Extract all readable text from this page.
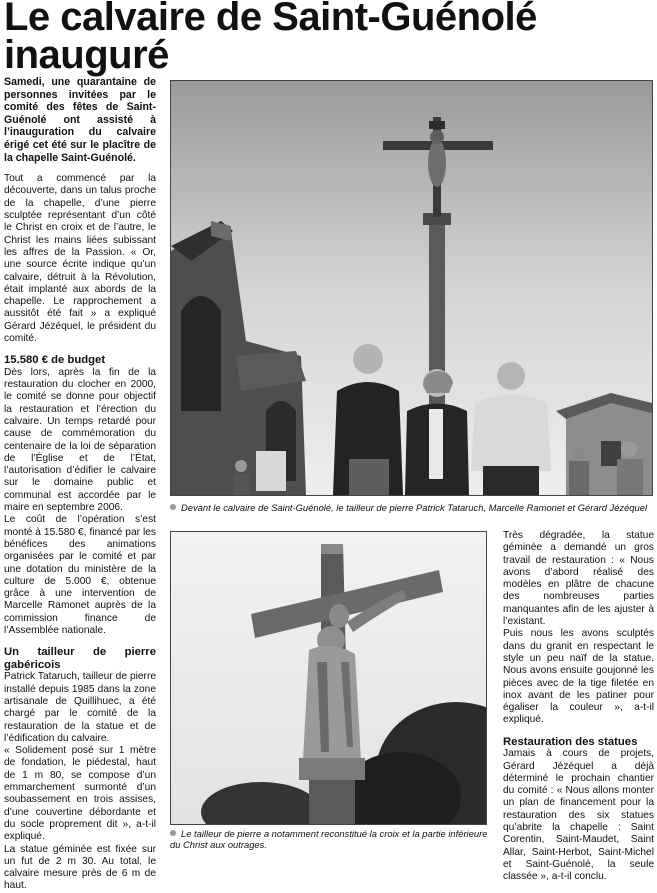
Le calvaire de Saint-Guénolé inauguré

Samedi, une quarantaine de personnes invitées par le comité des fêtes de Saint-Guénolé ont assisté à l’inauguration du calvaire érigé cet été sur le placître de la chapelle Saint-Guénolé.

Tout a commencé par la découverte, dans un talus proche de la chapelle, d’une pierre sculptée représentant d’un côté le Christ en croix et de l’autre, le Christ les mains liées subissant les affres de la Passion. « Or, une source écrite indique qu’un calvaire, détruit à la Révolution, était implanté aux abords de la chapelle. Le rapprochement a aussitôt été fait » a expliqué Gérard Jézéquel, le président du comité.

15.580 € de budget

Dès lors, après la fin de la restauration du clocher en 2000, le comité se donne pour objectif la restauration et l’érection du calvaire. Un temps retardé pour cause de commémoration du centenaire de la loi de séparation de l’Église et de l’État, l’autorisation d’édifier le calvaire sur le domaine public et communal est accordée par le maire en septembre 2006.

Le coût de l’opération s’est monté à 15.580 €, financé par les bénéfices des animations organisées par le comité et par une dotation du ministère de la culture de 5.000 €, obtenue grâce à une intervention de Marcelle Ramonet auprès de la commission finance de l’Assemblée nationale.

Un tailleur de pierre gabéricois

Patrick Tataruch, tailleur de pierre installé depuis 1985 dans la zone artisanale de Quillihuec, a été chargé par le comité de la restauration de la statue et de l’édification du calvaire.

« Solidement posé sur 1 mètre de fondation, le piédestal, haut de 1 m 80, se compose d’un emmarchement surmonté d’un soubassement en trois assises, d’une couvertine débordante et du socle proprement dit », a-t-il expliqué.

La statue géminée est fixée sur un fut de 2 m 30. Au total, le calvaire mesure près de 6 m de haut.

Devant le calvaire de Saint-Guénolé, le tailleur de pierre Patrick Tataruch, Marcelle Ramonet et Gérard Jézéquel
Le tailleur de pierre a notamment reconstitué la croix et la partie inférieure du Christ aux outrages.

Très dégradée, la statue géminée a demandé un gros travail de restauration : « Nous avons d’abord réalisé des modèles en plâtre de chacune des nombreuses parties manquantes afin de les ajuster à l’existant.

Puis nous les avons sculptés dans du granit en respectant le style un peu naïf de la statue. Nous avons ensuite goujonné les pièces avec de la tige filetée en inox avant de les patiner pour égaliser la couleur », a-t-il expliqué.

Restauration des statues

Jamais à cours de projets, Gérard Jézéquel a déjà déterminé le prochain chantier du comité : « Nous allons monter un plan de financement pour la restauration des six statues qu’abrite la chapelle : Saint Corentin, Saint-Maudet, Saint Allar, Saint-Herbot, Saint-Michel et Saint-Guénolé, la seule classée », a-t-il conclu.
